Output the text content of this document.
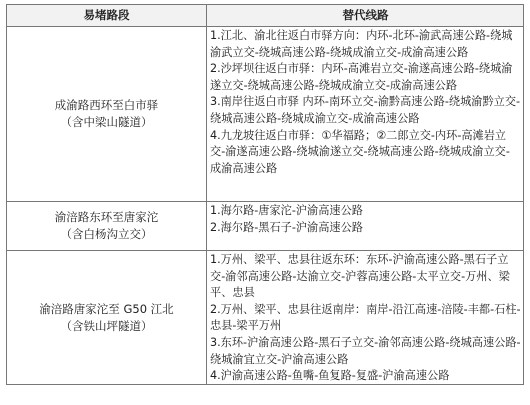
易堵路段	替代线路
成渝路西环至白市驿
（含中梁山隧道）
1.江北、渝北往返白市驿方向：内环-北环-渝武高速公路-绕城渝武立交-绕城高速公路-绕城成渝立交-成渝高速公路
2.沙坪坝往返白市驿：内环-高滩岩立交-渝遂高速公路-绕城渝遂立交-绕城高速公路-绕城成渝立交-成渝高速公路
3.南岸往返白市驿 内环-南环立交-渝黔高速公路-绕城渝黔立交-绕城高速公路-绕城成渝立交-成渝高速公路
4.九龙坡往返白市驿：①华福路；②二郎立交-内环-高滩岩立交-渝遂高速公路-绕城渝遂立交-绕城高速公路-绕城成渝立交-成渝高速公路
渝涪路东环至唐家沱
（含白杨沟立交）
1.海尔路-唐家沱-沪渝高速公路
2.海尔路-黑石子-沪渝高速公路
渝涪路唐家沱至 G50 江北
（含铁山坪隧道）
1.万州、梁平、忠县往返东环：东环-沪渝高速公路-黑石子立交-渝邻高速公路-达渝立交-沪蓉高速公路-太平立交-万州、梁平、忠县
2.万州、梁平、忠县往返南岸：南岸-沿江高速-涪陵-丰都-石柱-忠县-梁平万州
3.东环-沪渝高速公路-黑石子立交-渝邻高速公路-绕城高速公路-绕城渝宜立交-沪渝高速公路
4.沪渝高速公路-鱼嘴-鱼复路-复盛-沪渝高速公路
